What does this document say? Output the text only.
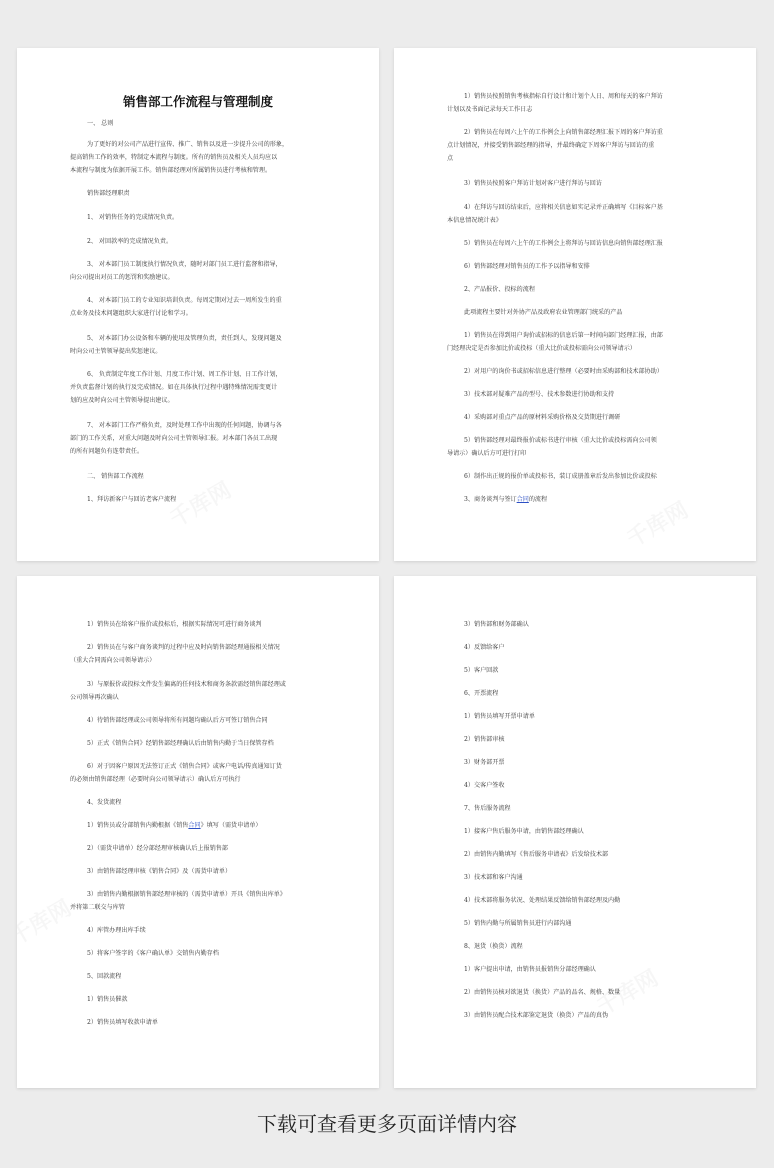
销售部工作流程与管理制度
一、 总则
为了更好的对公司产品进行宣传、推广、销售以及进一步提升公司的形象，
提高销售工作的效率，特制定本流程与制度。所有的销售员及相关人员均应以
本流程与制度为依据开展工作。销售部经理对所属销售员进行考核和管理。
销售部经理职责
1、 对销售任务的完成情况负责。
2、 对回款率的完成情况负责。
3、 对本部门员工制度执行情况负责，随时对部门员工进行监督和指导，
向公司提出对员工的惩罚和奖励建议。
4、 对本部门员工的专业知识培训负责。每周定期对过去一周所发生的重
点业务及技术问题组织大家进行讨论和学习。
5、 对本部门办公设备和车辆的使用及管理负责，责任到人，发现问题及
时向公司主管领导提出奖惩建议。
6、 负责制定年度工作计划、月度工作计划、周工作计划、日工作计划，
并负责监督计划的执行及完成情况。如在具体执行过程中遇特殊情况需变更计
划的应及时向公司主管领导提出建议。
7、 对本部门工作严格负责，及时处理工作中出现的任何问题，协调与各
部门的工作关系，对重大问题及时向公司主管领导汇报。对本部门各员工出现
的所有问题负有连带责任。
二、 销售部工作流程
1、拜访新客户与回访老客户流程
1）销售员按照销售考核指标自行设计和计划个人日、周和每天的客户拜访
计划以及书面记录每天工作日志
2）销售员在每周六上午的工作例会上向销售部经理汇报下周的客户拜访重
点计划情况，并接受销售部经理的指导，并最终确定下周客户拜访与回访的重
点
3）销售员按照客户拜访计划对客户进行拜访与回访
4）在拜访与回访结束后，应将相关信息如实记录并正确填写《目标客户基
本信息情况统计表》
5）销售员在每周六上午的工作例会上将拜访与回访信息向销售部经理汇报
6）销售部经理对销售员的工作予以指导和安排
2、产品报价、投标的流程
此项流程主要针对外协产品及政府农业管理部门统采的产品
1）销售员在得到用户询价或招标的信息后第一时间向部门经理汇报，由部
门经理决定是否参加比价或投标（重大比价或投标需向公司领导请示）
2）对用户的询价书或招标信息进行整理（必要时由采购部和技术部协助）
3）技术部对疑难产品的型号、技术参数进行协助和支持
4）采购部对重点产品的原材料采购价格及交货期进行调研
5）销售部经理对最终报价或标书进行审核（重大比价或投标需向公司领
导请示）确认后方可进行打印
6）制作出正规的报价单或投标书，装订成册盖章后发出参加比价或投标
3、商务谈判与签订合同的流程
1）销售员在给客户报价或投标后，根据实际情况可进行商务谈判
2）销售员在与客户商务谈判的过程中应及时向销售部经理通报相关情况
（重大合同需向公司领导请示）
3）与原报价或投标文件发生偏离的任何技术和商务条款需经销售部经理或
公司领导再次确认
4）待销售部经理或公司领导将所有问题均确认后方可签订销售合同
5）正式《销售合同》经销售部经理确认后由销售内勤于当日保管存档
6）对于因客户原因无法签订正式《销售合同》或客户电话/传真通知订货
的必须由销售部经理（必要时向公司领导请示）确认后方可执行
4、发货流程
1）销售员或分部销售内勤根据《销售合同》填写（需货申请单）
2）（需货申请单）经分部经理审核确认后上报销售部
3）由销售部经理审核《销售合同》及（需货申请单）
3）由销售内勤根据销售部经理审核的（需货申请单）开具《销售出库单》
并将第二联交与库管
4）库管办理出库手续
5）将客户签字的《客户确认单》交销售内勤存档
5、回款流程
1）销售员催款
2）销售员填写收款申请单
3）销售部和财务部确认
4）反馈给客户
5）客户回款
6、开票流程
1）销售员填写开票申请单
2）销售部审核
3）财务部开票
4）交客户签收
7、售后服务流程
1）接客户售后服务申请，由销售部经理确认
2）由销售内勤填写《售后服务申请表》后发给技术部
3）技术部和客户沟通
4）技术部将服务状况、处理结果反馈给销售部经理及内勤
5）销售内勤与所属销售员进行内部沟通
8、退货（换货）流程
1）客户提出申请，由销售员报销售分部经理确认
2）由销售员核对欲退货（换货）产品的品名、规格、数量
3）由销售员配合技术部鉴定退货（换货）产品的真伪
下载可查看更多页面详情内容
